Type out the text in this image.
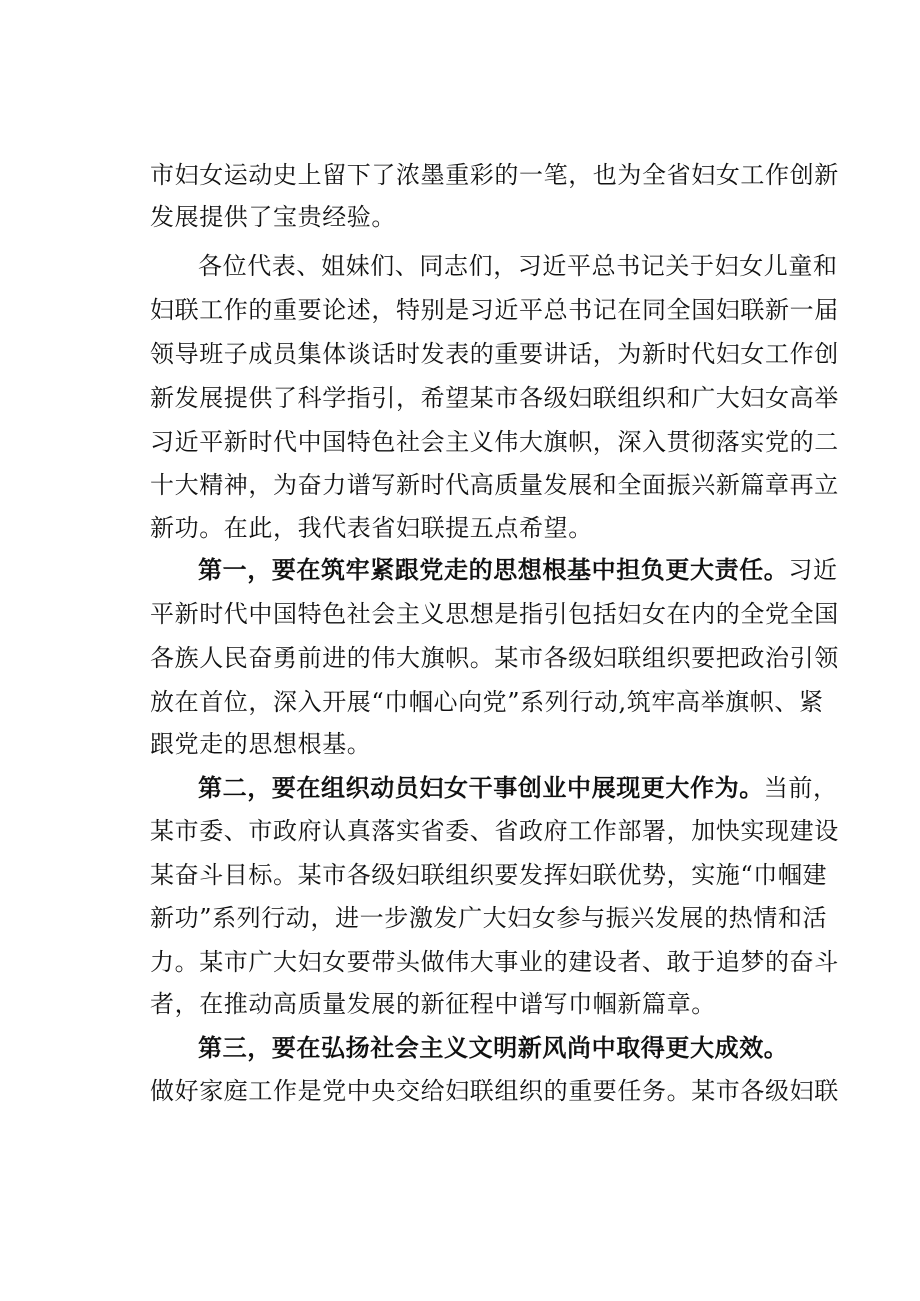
市妇女运动史上留下了浓墨重彩的一笔，也为全省妇女工作创新
发展提供了宝贵经验。
各位代表、姐妹们、同志们，习近平总书记关于妇女儿童和
妇联工作的重要论述，特别是习近平总书记在同全国妇联新一届
领导班子成员集体谈话时发表的重要讲话，为新时代妇女工作创
新发展提供了科学指引，希望某市各级妇联组织和广大妇女高举
习近平新时代中国特色社会主义伟大旗帜，深入贯彻落实党的二
十大精神，为奋力谱写新时代高质量发展和全面振兴新篇章再立
新功。在此，我代表省妇联提五点希望。
第一，要在筑牢紧跟党走的思想根基中担负更大责任。习近
平新时代中国特色社会主义思想是指引包括妇女在内的全党全国
各族人民奋勇前进的伟大旗帜。某市各级妇联组织要把政治引领
放在首位，深入开展“巾帼心向党”系列行动,筑牢高举旗帜、紧
跟党走的思想根基。
第二，要在组织动员妇女干事创业中展现更大作为。当前，
某市委、市政府认真落实省委、省政府工作部署，加快实现建设
某奋斗目标。某市各级妇联组织要发挥妇联优势，实施“巾帼建
新功”系列行动，进一步激发广大妇女参与振兴发展的热情和活
力。某市广大妇女要带头做伟大事业的建设者、敢于追梦的奋斗
者，在推动高质量发展的新征程中谱写巾帼新篇章。
第三，要在弘扬社会主义文明新风尚中取得更大成效。
做好家庭工作是党中央交给妇联组织的重要任务。某市各级妇联
